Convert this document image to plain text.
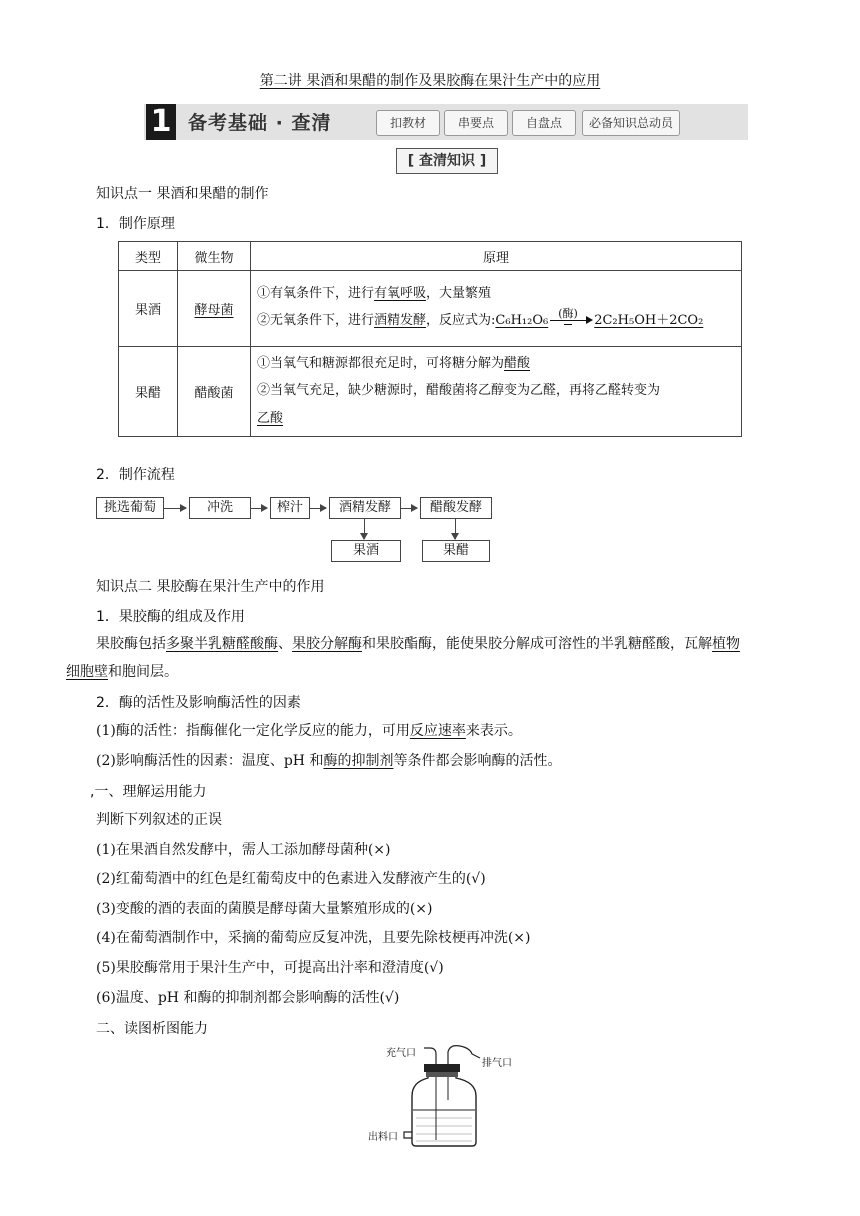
第二讲 果酒和果醋的制作及果胶酶在果汁生产中的应用
1 备考基础 · 查清	扣教材	串要点	自盘点	必备知识总动员
[ 查清知识 ]
知识点一 果酒和果醋的制作
1．制作原理
类型	微生物	原理
果酒	酵母菌	①有氧条件下，进行有氧呼吸，大量繁殖
②无氧条件下，进行酒精发酵，反应式为:C₆H₁₂O₆ (酶) 2C₂H₅OH＋2CO₂

果醋	醋酸菌	①当氧气和糖源都很充足时，可将糖分解为醋酸
②当氧气充足，缺少糖源时，醋酸菌将乙醇变为乙醛，再将乙醛转变为
乙酸
2．制作流程
挑选葡萄	冲洗	榨汁	酒精发酵	醋酸发酵
果酒	果醋
知识点二 果胶酶在果汁生产中的作用
1．果胶酶的组成及作用
果胶酶包括多聚半乳糖醛酸酶、果胶分解酶和果胶酯酶，能使果胶分解成可溶性的半乳糖醛酸，瓦解植物
细胞壁和胞间层。
2．酶的活性及影响酶活性的因素
(1)酶的活性：指酶催化一定化学反应的能力，可用反应速率来表示。
(2)影响酶活性的因素：温度、pH 和酶的抑制剂等条件都会影响酶的活性。
,一、理解运用能力
判断下列叙述的正误
(1)在果酒自然发酵中，需人工添加酵母菌种(×)
(2)红葡萄酒中的红色是红葡萄皮中的色素进入发酵液产生的(√)
(3)变酸的酒的表面的菌膜是酵母菌大量繁殖形成的(×)
(4)在葡萄酒制作中，采摘的葡萄应反复冲洗，且要先除枝梗再冲洗(×)
(5)果胶酶常用于果汁生产中，可提高出汁率和澄清度(√)
(6)温度、pH 和酶的抑制剂都会影响酶的活性(√)
二、读图析图能力
充气口
排气口
出料口
